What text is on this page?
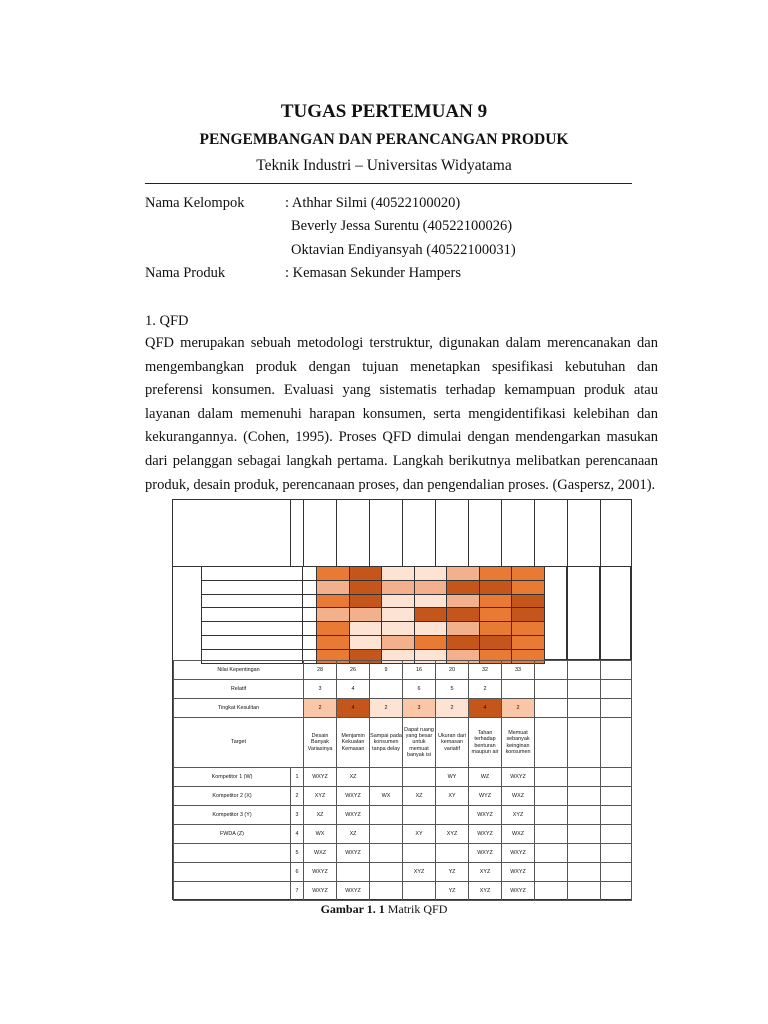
TUGAS PERTEMUAN 9
PENGEMBANGAN DAN PERANCANGAN PRODUK
Teknik Industri – Universitas Widyatama
Nama Kelompok	: Athhar Silmi (40522100020)
Beverly Jessa Surentu (40522100026)
Oktavian Endiyansyah (40522100031)
Nama Produk	: Kemasan Sekunder Hampers
1. QFD

QFD merupakan sebuah metodologi terstruktur, digunakan dalam merencanakan dan mengembangkan produk dengan tujuan menetapkan spesifikasi kebutuhan dan preferensi konsumen. Evaluasi yang sistematis terhadap kemampuan produk atau layanan dalam memenuhi harapan konsumen, serta mengidentifikasi kelebihan dan kekurangannya. (Cohen, 1995). Proses QFD dimulai dengan mendengarkan masukan dari pelanggan sebagai langkah pertama. Langkah berikutnya melibatkan perencanaan produk, desain produk, perencanaan proses, dan pengendalian proses. (Gaspersz, 2001).

Nilai Kepentingan		28	26	9	16	20	32	33			
Relatif		3	4		6	5	2				
Tingkat Kesulitan		2	4	2	3	2	4	2			
Target		Desain Banyak Variasinya	Menjamin Kekuatan Kemasan	Sampai pada konsumen tanpa delay	Dapat ruang yang besar untuk memuat banyak isi	Ukuran dari kemasan variatif	Tahan terhadap benturan maupun air	Memuat sebanyak keinginan konsumen			
Kompetitor 1 (W)	1	WXYZ	XZ			WY	WZ	WXYZ			
Kompetitor 2 (X)	2	XYZ	WXYZ	WX	XZ	XY	WYZ	WXZ			
Kompetitor 3 (Y)	3	XZ	WXYZ				WXYZ	XYZ			
FWDA (Z)	4	WX	XZ		XY	XYZ	WXYZ	WXZ			
	5	WXZ	WXYZ				WXYZ	WXYZ			
	6	WXYZ			XYZ	YZ	XYZ	WXYZ			
	7	WXYZ	WXYZ			YZ	XYZ	WXYZ			
Gambar 1. 1 Matrik QFD
